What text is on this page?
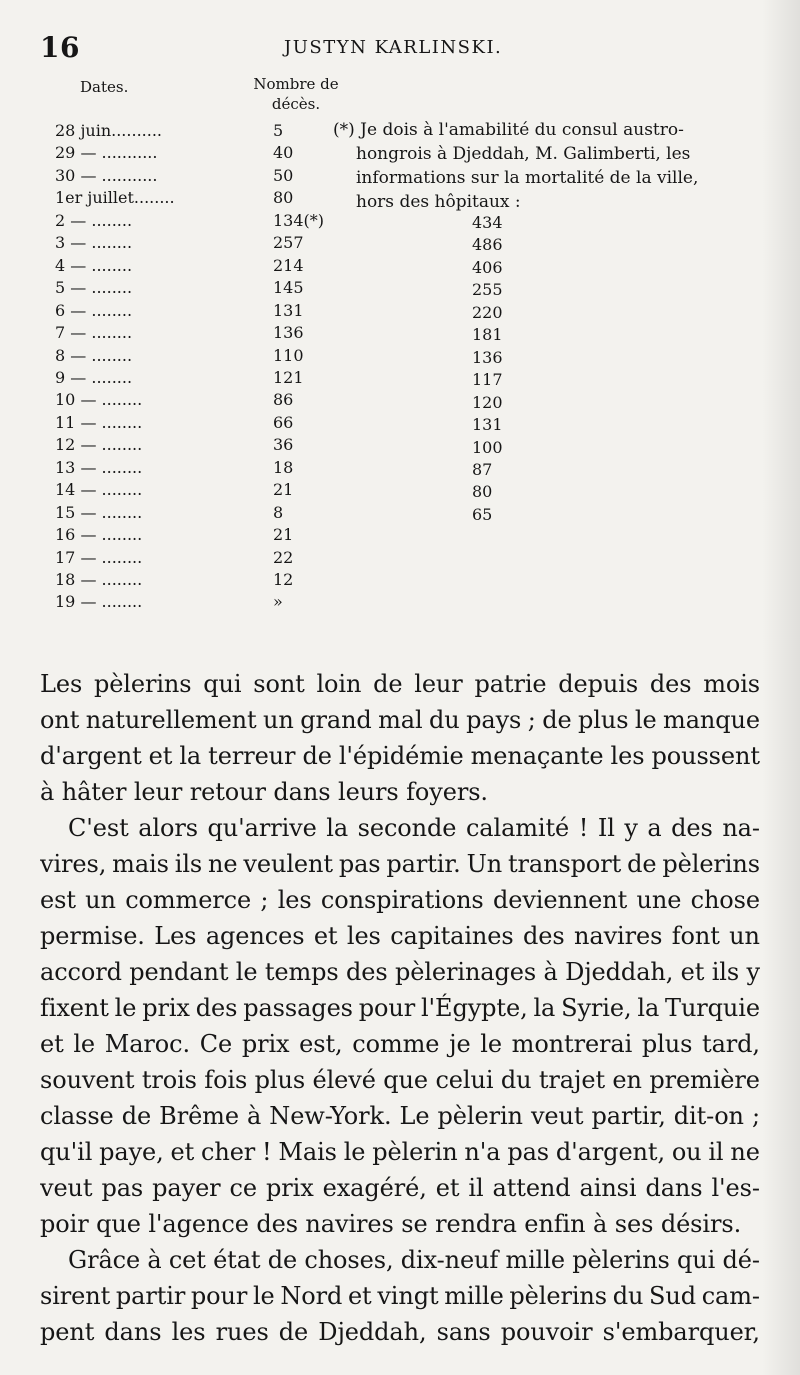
16	JUSTYN KARLINSKI.
Dates.	Nombre de
décès.
28 juin..........	5
29 — ...........	40
30 — ...........	50
1er juillet........	80
2 — ........	134(*)
3 — ........	257
4 — ........	214
5 — ........	145
6 — ........	131
7 — ........	136
8 — ........	110
9 — ........	121
10 — ........	86
11 — ........	66
12 — ........	36
13 — ........	18
14 — ........	21
15 — ........	8
16 — ........	21
17 — ........	22
18 — ........	12
19 — ........	»
(*) Je dois à l'amabilité du consul austro-
hongrois à Djeddah, M. Galimberti, les
informations sur la mortalité de la ville,
hors des hôpitaux :
434
486
406
255
220
181
136
117
120
131
100
87
80
65
Les pèlerins qui sont loin de leur patrie depuis des mois
ont naturellement un grand mal du pays ; de plus le manque
d'argent et la terreur de l'épidémie menaçante les poussent
à hâter leur retour dans leurs foyers.
C'est alors qu'arrive la seconde calamité ! Il y a des na-
vires, mais ils ne veulent pas partir. Un transport de pèlerins
est un commerce ; les conspirations deviennent une chose
permise. Les agences et les capitaines des navires font un
accord pendant le temps des pèlerinages à Djeddah, et ils y
fixent le prix des passages pour l'Égypte, la Syrie, la Turquie
et le Maroc. Ce prix est, comme je le montrerai plus tard,
souvent trois fois plus élevé que celui du trajet en première
classe de Brême à New-York. Le pèlerin veut partir, dit-on ;
qu'il paye, et cher ! Mais le pèlerin n'a pas d'argent, ou il ne
veut pas payer ce prix exagéré, et il attend ainsi dans l'es-
poir que l'agence des navires se rendra enfin à ses désirs.
Grâce à cet état de choses, dix-neuf mille pèlerins qui dé-
sirent partir pour le Nord et vingt mille pèlerins du Sud cam-
pent dans les rues de Djeddah, sans pouvoir s'embarquer,
